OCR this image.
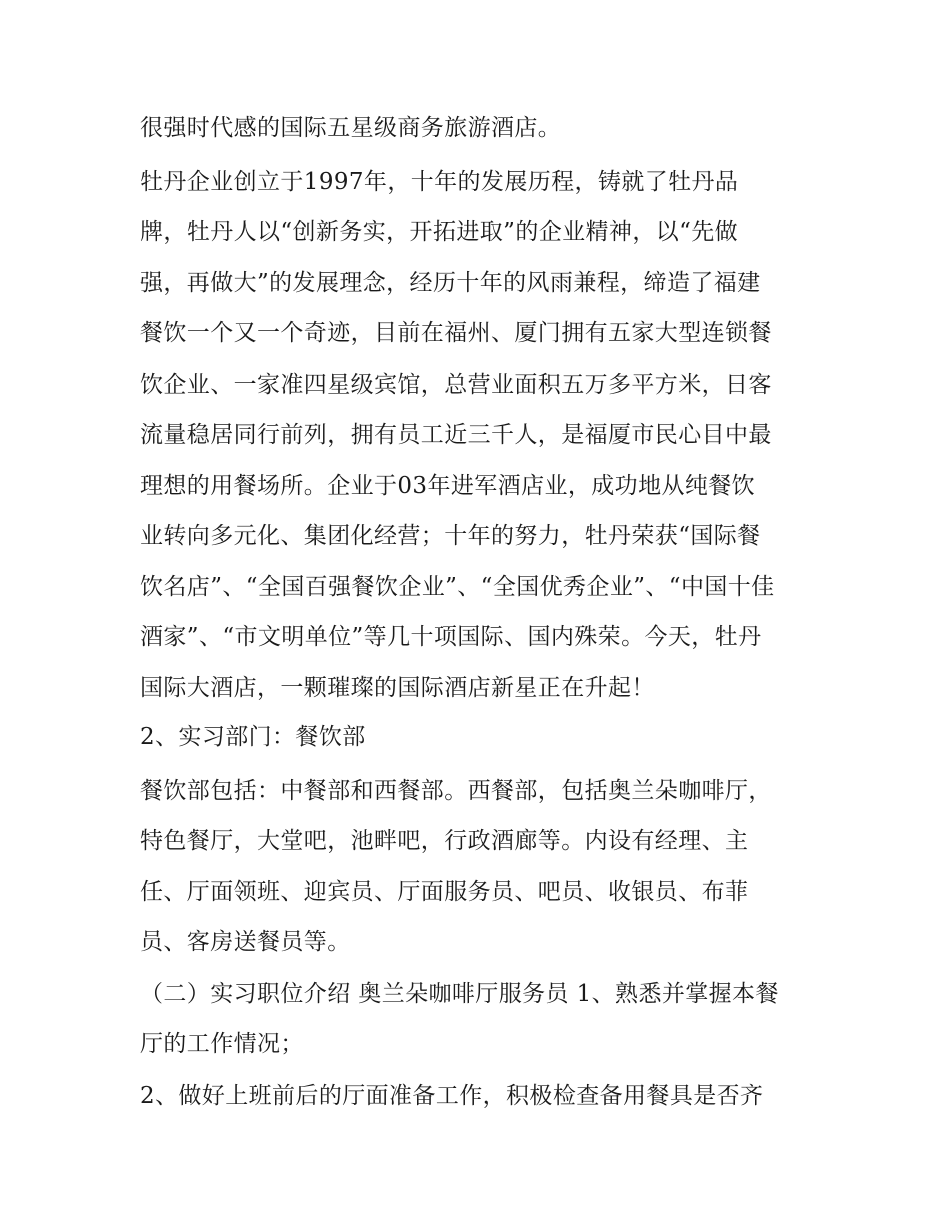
很强时代感的国际五星级商务旅游酒店。
牡丹企业创立于1997年，十年的发展历程，铸就了牡丹品
牌，牡丹人以“创新务实，开拓进取”的企业精神，以“先做
强，再做大”的发展理念，经历十年的风雨兼程，缔造了福建
餐饮一个又一个奇迹，目前在福州、厦门拥有五家大型连锁餐
饮企业、一家准四星级宾馆，总营业面积五万多平方米，日客
流量稳居同行前列，拥有员工近三千人，是福厦市民心目中最
理想的用餐场所。企业于03年进军酒店业，成功地从纯餐饮
业转向多元化、集团化经营；十年的努力，牡丹荣获“国际餐
饮名店”、“全国百强餐饮企业”、“全国优秀企业”、“中国十佳
酒家”、“市文明单位”等几十项国际、国内殊荣。今天，牡丹
国际大酒店，一颗璀璨的国际酒店新星正在升起！
2、实习部门：餐饮部
餐饮部包括：中餐部和西餐部。西餐部，包括奥兰朵咖啡厅，
特色餐厅，大堂吧，池畔吧，行政酒廊等。内设有经理、主
任、厅面领班、迎宾员、厅面服务员、吧员、收银员、布菲
员、客房送餐员等。
（二）实习职位介绍 奥兰朵咖啡厅服务员 1、熟悉并掌握本餐
厅的工作情况；
2、做好上班前后的厅面准备工作，积极检查备用餐具是否齐
